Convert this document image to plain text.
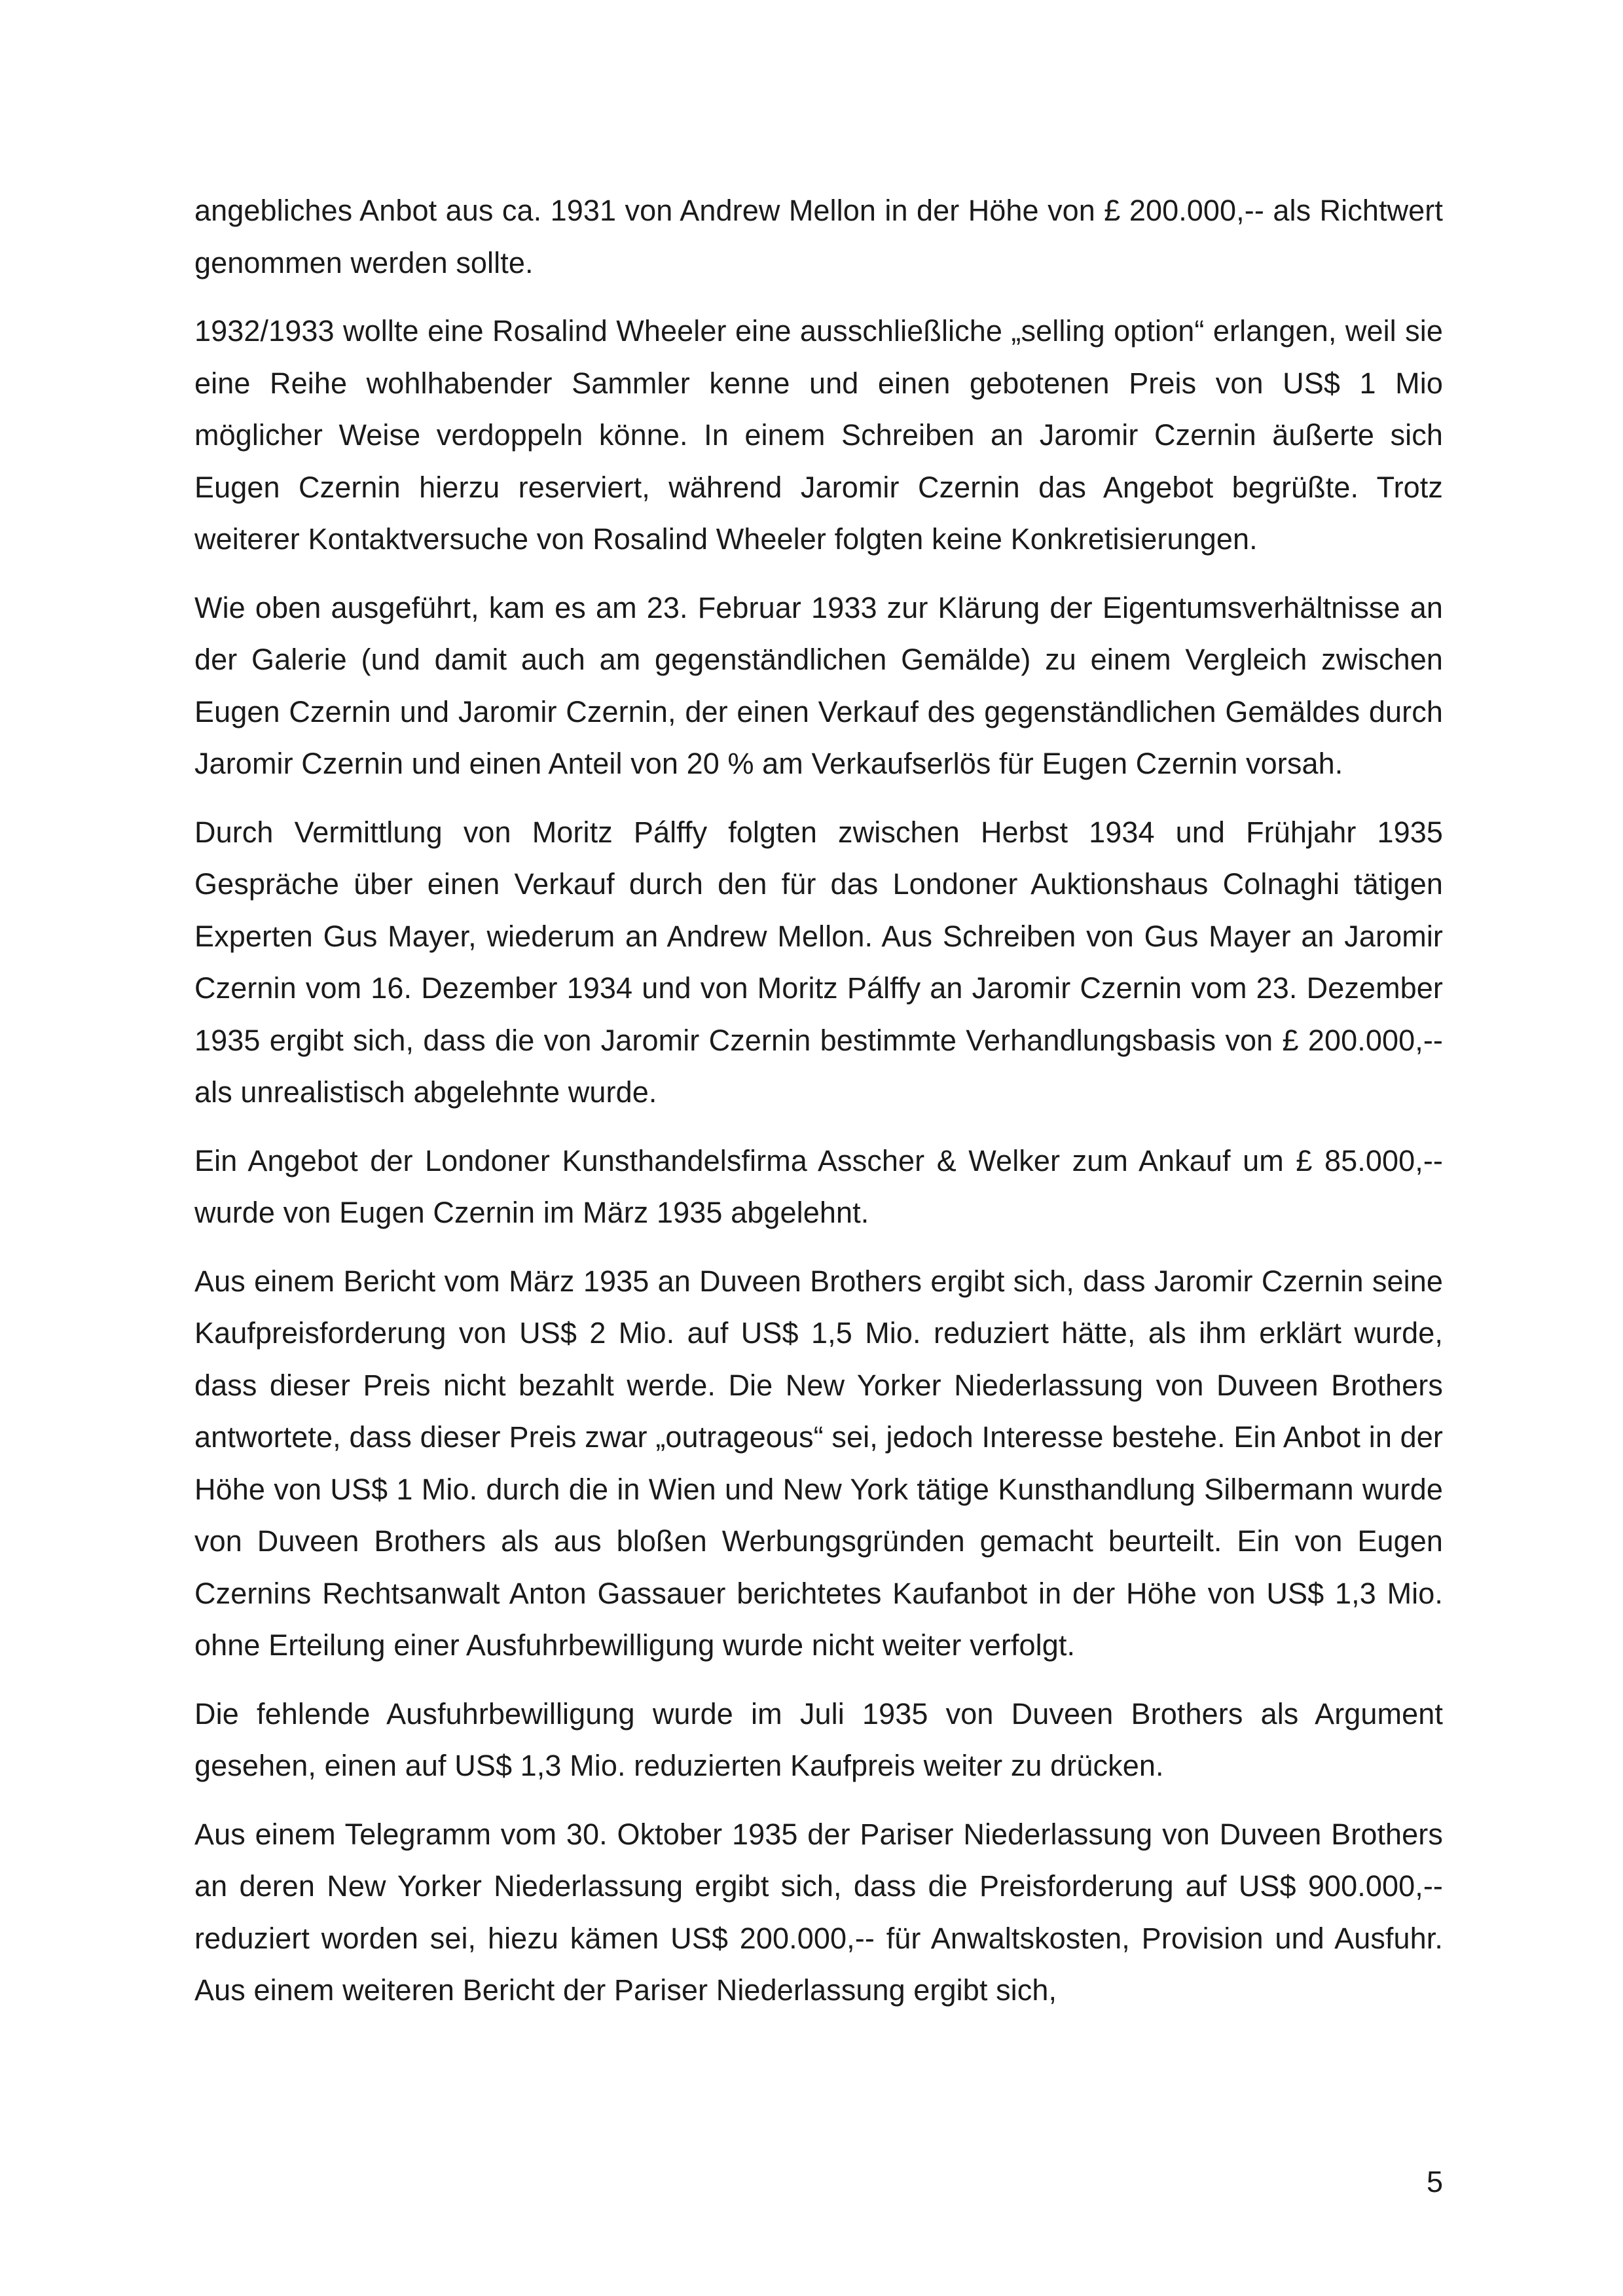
angebliches Anbot aus ca. 1931 von Andrew Mellon in der Höhe von £ 200.000,-- als Richtwert genommen werden sollte.

1932/1933 wollte eine Rosalind Wheeler eine ausschließliche „selling option“ erlangen, weil sie eine Reihe wohlhabender Sammler kenne und einen gebotenen Preis von US$ 1 Mio möglicher Weise verdoppeln könne. In einem Schreiben an Jaromir Czernin äußerte sich Eugen Czernin hierzu reserviert, während Jaromir Czernin das Angebot begrüßte. Trotz weiterer Kontaktversuche von Rosalind Wheeler folgten keine Konkretisierungen.

Wie oben ausgeführt, kam es am 23. Februar 1933 zur Klärung der Eigentumsverhältnisse an der Galerie (und damit auch am gegenständlichen Gemälde) zu einem Vergleich zwischen Eugen Czernin und Jaromir Czernin, der einen Verkauf des gegenständlichen Gemäldes durch Jaromir Czernin und einen Anteil von 20 % am Verkaufserlös für Eugen Czernin vorsah.

Durch Vermittlung von Moritz Pálffy folgten zwischen Herbst 1934 und Frühjahr 1935 Gespräche über einen Verkauf durch den für das Londoner Auktionshaus Colnaghi tätigen Experten Gus Mayer, wiederum an Andrew Mellon. Aus Schreiben von Gus Mayer an Jaromir Czernin vom 16. Dezember 1934 und von Moritz Pálffy an Jaromir Czernin vom 23. Dezember 1935 ergibt sich, dass die von Jaromir Czernin bestimmte Verhandlungsbasis von £ 200.000,-- als unrealistisch abgelehnte wurde.

Ein Angebot der Londoner Kunsthandelsfirma Asscher & Welker zum Ankauf um £ 85.000,-- wurde von Eugen Czernin im März 1935 abgelehnt.

Aus einem Bericht vom März 1935 an Duveen Brothers ergibt sich, dass Jaromir Czernin seine Kaufpreisforderung von US$ 2 Mio. auf US$ 1,5 Mio. reduziert hätte, als ihm erklärt wurde, dass dieser Preis nicht bezahlt werde. Die New Yorker Niederlassung von Duveen Brothers antwortete, dass dieser Preis zwar „outrageous“ sei, jedoch Interesse bestehe. Ein Anbot in der Höhe von US$ 1 Mio. durch die in Wien und New York tätige Kunsthandlung Silbermann wurde von Duveen Brothers als aus bloßen Werbungsgründen gemacht beurteilt. Ein von Eugen Czernins Rechtsanwalt Anton Gassauer berichtetes Kaufanbot in der Höhe von US$ 1,3 Mio. ohne Erteilung einer Ausfuhrbewilligung wurde nicht weiter verfolgt.

Die fehlende Ausfuhrbewilligung wurde im Juli 1935 von Duveen Brothers als Argument gesehen, einen auf US$ 1,3 Mio. reduzierten Kaufpreis weiter zu drücken.

Aus einem Telegramm vom 30. Oktober 1935 der Pariser Niederlassung von Duveen Brothers an deren New Yorker Niederlassung ergibt sich, dass die Preisforderung auf US$ 900.000,-- reduziert worden sei, hiezu kämen US$ 200.000,-- für Anwaltskosten, Provision und Ausfuhr. Aus einem weiteren Bericht der Pariser Niederlassung ergibt sich,

5
